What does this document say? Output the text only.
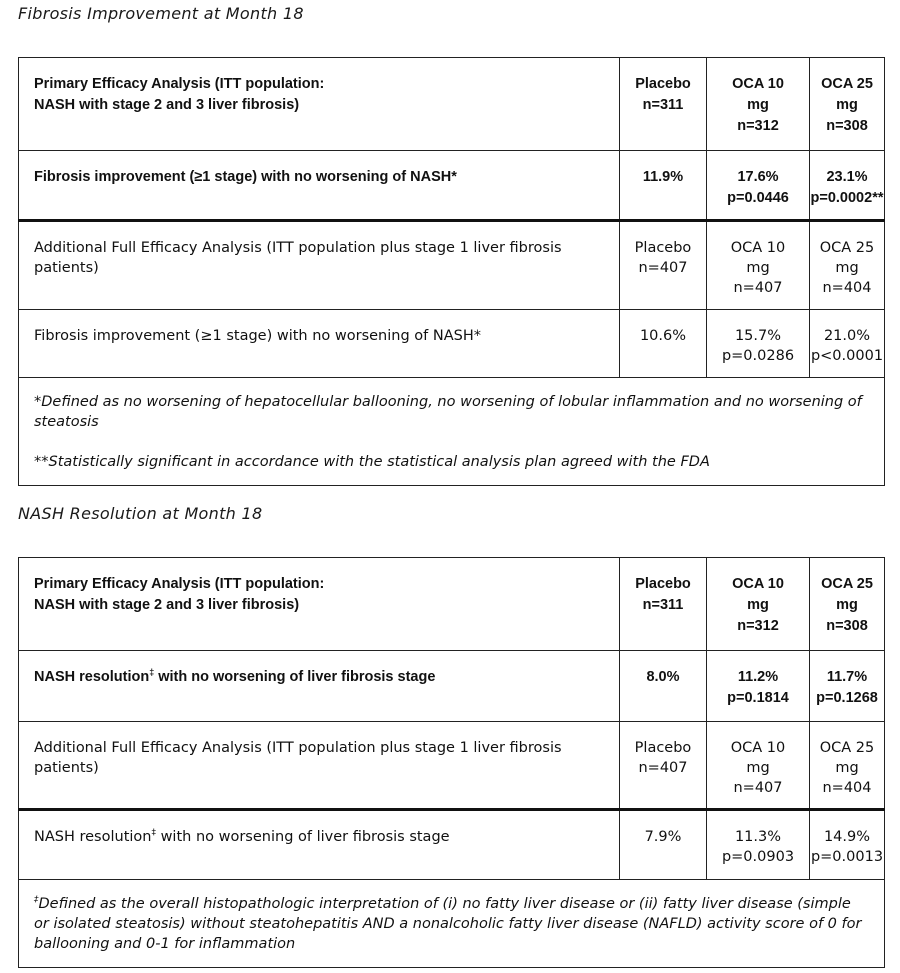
Fibrosis Improvement at Month 18
Primary Efficacy Analysis (ITT population:
NASH with stage 2 and 3 liver fibrosis)	Placebo
n=311	OCA 10
mg
n=312	OCA 25
mg
n=308

Fibrosis improvement (≥1 stage) with no worsening of NASH*	11.9%	17.6%
p=0.0446	23.1%
p=0.0002**

Additional Full Efficacy Analysis (ITT population plus stage 1 liver fibrosis patients)	Placebo
n=407	OCA 10
mg
n=407	OCA 25
mg
n=404

Fibrosis improvement (≥1 stage) with no worsening of NASH*	10.6%	15.7%
p=0.0286	21.0%
p<0.0001

*Defined as no worsening of hepatocellular ballooning, no worsening of lobular inflammation and no worsening of steatosis

**Statistically significant in accordance with the statistical analysis plan agreed with the FDA			

NASH Resolution at Month 18
Primary Efficacy Analysis (ITT population:
NASH with stage 2 and 3 liver fibrosis)	Placebo
n=311	OCA 10
mg
n=312	OCA 25
mg
n=308

NASH resolution‡ with no worsening of liver fibrosis stage	8.0%	11.2%
p=0.1814	11.7%
p=0.1268

Additional Full Efficacy Analysis (ITT population plus stage 1 liver fibrosis patients)	Placebo
n=407	OCA 10
mg
n=407	OCA 25
mg
n=404

NASH resolution‡ with no worsening of liver fibrosis stage	7.9%	11.3%
p=0.0903	14.9%
p=0.0013

‡Defined as the overall histopathologic interpretation of (i) no fatty liver disease or (ii) fatty liver disease (simple or isolated steatosis) without steatohepatitis AND a nonalcoholic fatty liver disease (NAFLD) activity score of 0 for ballooning and 0-1 for inflammation			
